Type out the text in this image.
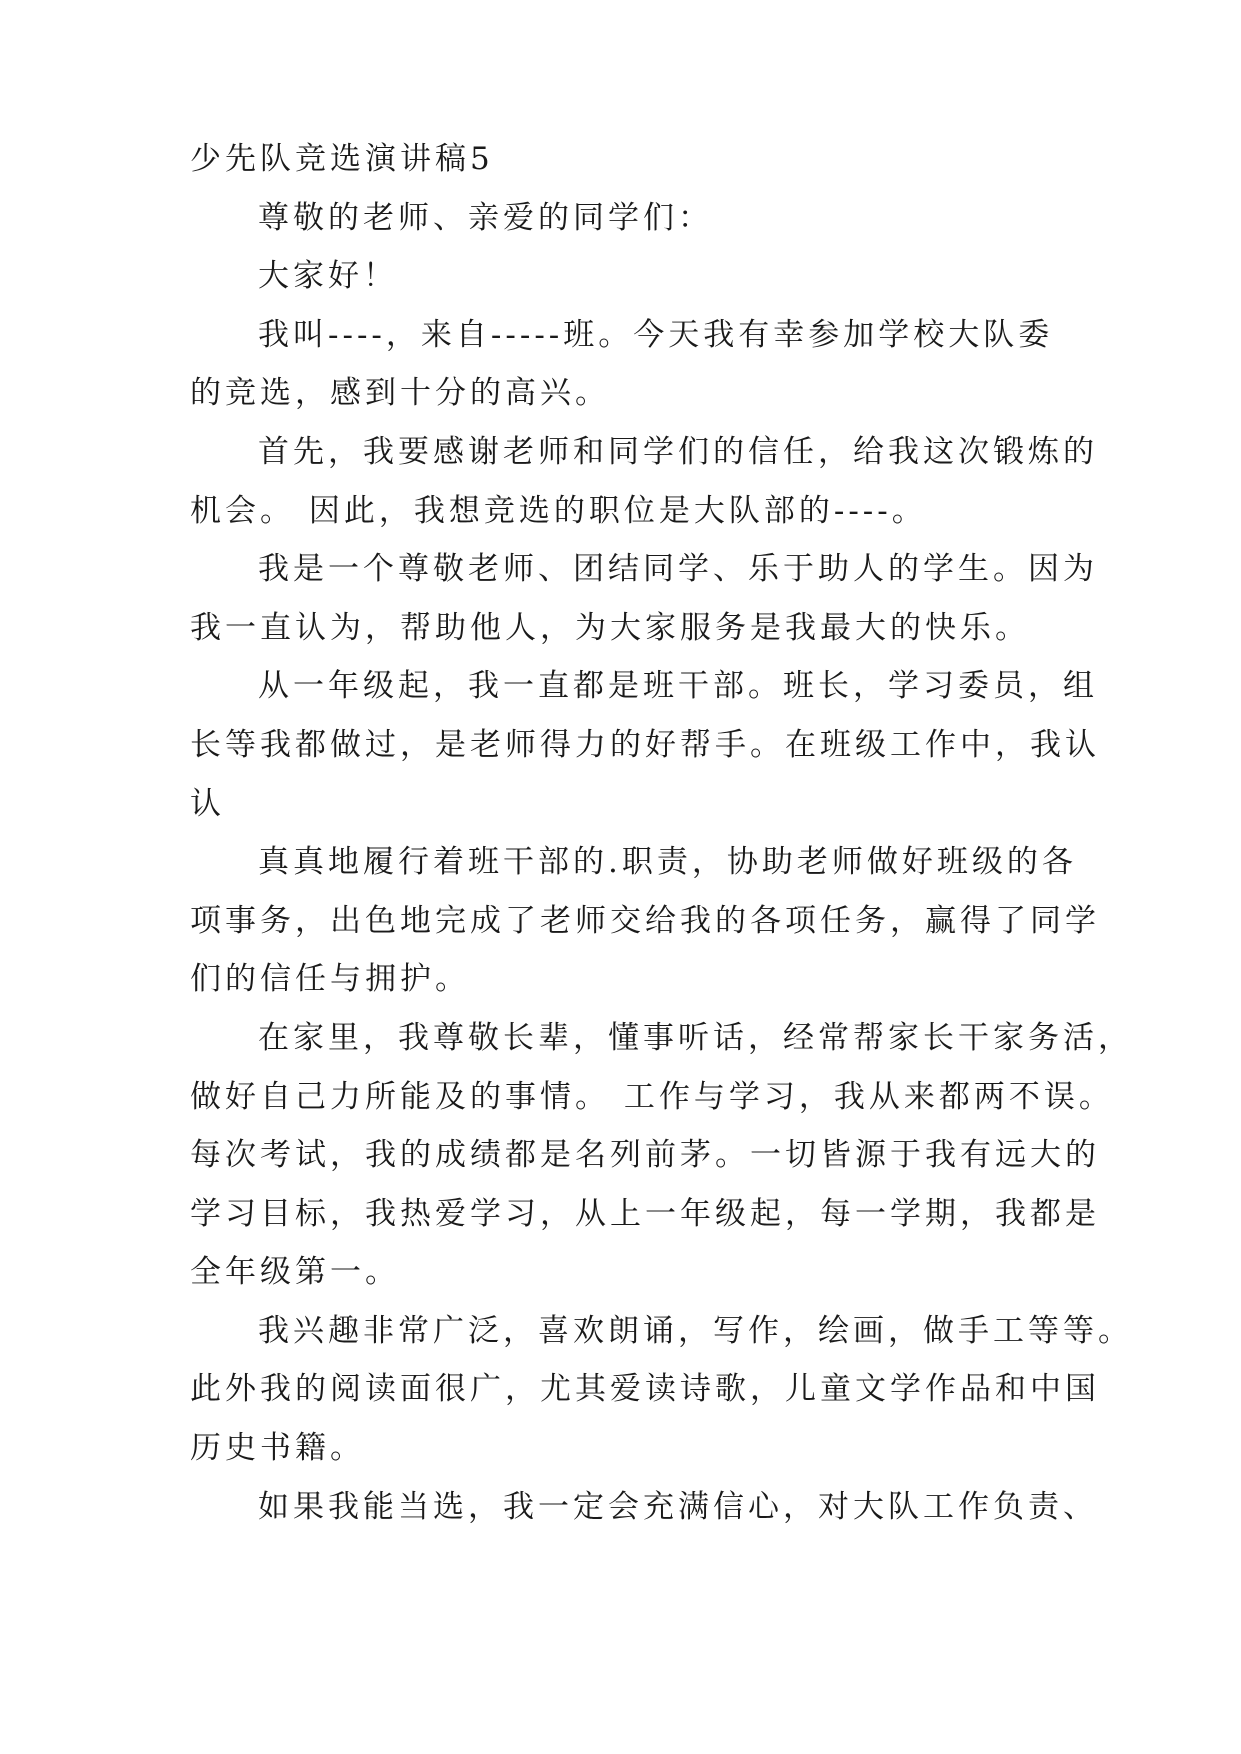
少先队竞选演讲稿5
尊敬的老师、亲爱的同学们：
大家好！
我叫----，来自-----班。今天我有幸参加学校大队委
的竞选，感到十分的高兴。
首先，我要感谢老师和同学们的信任，给我这次锻炼的
机会。 因此，我想竞选的职位是大队部的----。
我是一个尊敬老师、团结同学、乐于助人的学生。因为
我一直认为，帮助他人，为大家服务是我最大的快乐。
从一年级起，我一直都是班干部。班长，学习委员，组
长等我都做过，是老师得力的好帮手。在班级工作中，我认
认
真真地履行着班干部的.职责，协助老师做好班级的各
项事务，出色地完成了老师交给我的各项任务，赢得了同学
们的信任与拥护。
在家里，我尊敬长辈，懂事听话，经常帮家长干家务活，
做好自己力所能及的事情。 工作与学习，我从来都两不误。
每次考试，我的成绩都是名列前茅。一切皆源于我有远大的
学习目标，我热爱学习，从上一年级起，每一学期，我都是
全年级第一。
我兴趣非常广泛，喜欢朗诵，写作，绘画，做手工等等。
此外我的阅读面很广，尤其爱读诗歌，儿童文学作品和中国
历史书籍。
如果我能当选，我一定会充满信心，对大队工作负责、
